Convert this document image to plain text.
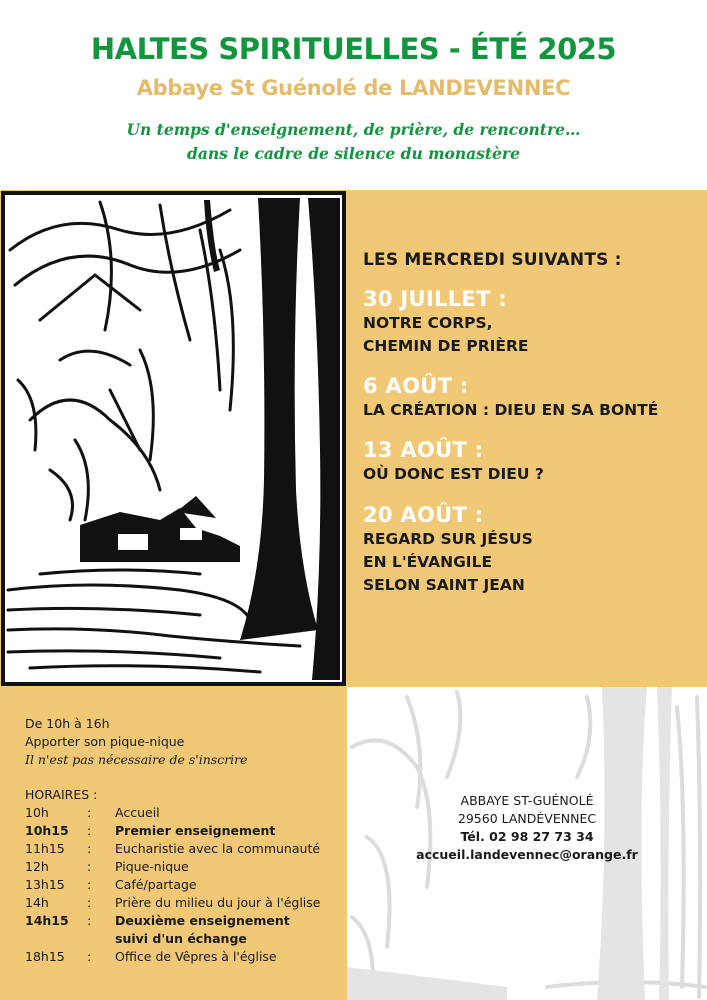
HALTES SPIRITUELLES - ÉTÉ 2025
Abbaye St Guénolé de LANDEVENNEC
Un temps d'enseignement, de prière, de rencontre…
dans le cadre de silence du monastère
LES MERCREDI SUIVANTS :
30 JUILLET :
NOTRE CORPS,
CHEMIN DE PRIÈRE
6 AOÛT :
LA CRÉATION : DIEU EN SA BONTÉ
13 AOÛT :
OÙ DONC EST DIEU ?
20 AOÛT :
REGARD SUR JÉSUS
EN L'ÉVANGILE
SELON SAINT JEAN
De 10h à 16h
Apporter son pique-nique
Il n'est pas nécessaire de s'inscrire
HORAIRES :
10h	: Accueil
10h15 : Premier enseignement
11h15 : Eucharistie avec la communauté
12h	: Pique-nique
13h15 : Café/partage
14h	: Prière du milieu du jour à l'église
14h15 : Deuxième enseignement
suivi d'un échange
18h15 : Office de Vêpres à l'église
ABBAYE ST-GUÉNOLÉ
29560 LANDÉVENNEC
Tél. 02 98 27 73 34
accueil.landevennec@orange.fr
